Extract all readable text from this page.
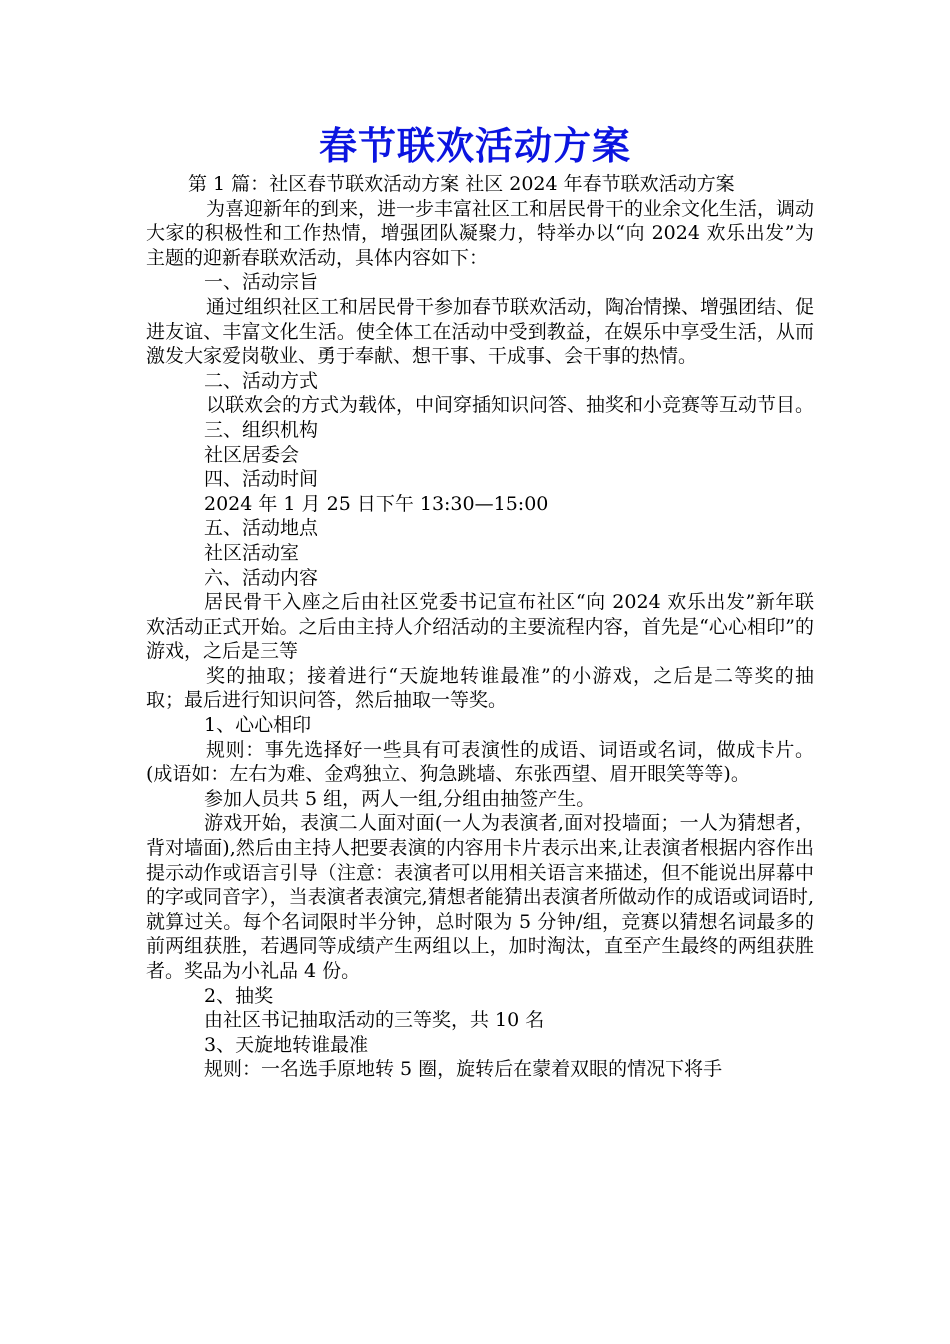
春节联欢活动方案

第 1 篇：社区春节联欢活动方案 社区 2024 年春节联欢活动方案

为喜迎新年的到来，进一步丰富社区工和居民骨干的业余文化生活，调动大家的积极性和工作热情，增强团队凝聚力，特举办以“向 2024 欢乐出发”为主题的迎新春联欢活动，具体内容如下：

一、活动宗旨

通过组织社区工和居民骨干参加春节联欢活动，陶冶情操、增强团结、促进友谊、丰富文化生活。使全体工在活动中受到教益，在娱乐中享受生活，从而激发大家爱岗敬业、勇于奉献、想干事、干成事、会干事的热情。

二、活动方式

以联欢会的方式为载体，中间穿插知识问答、抽奖和小竞赛等互动节目。

三、组织机构

社区居委会

四、活动时间

2024 年 1 月 25 日下午 13:30—15:00

五、活动地点

社区活动室

六、活动内容

居民骨干入座之后由社区党委书记宣布社区“向 2024 欢乐出发”新年联欢活动正式开始。之后由主持人介绍活动的主要流程内容，首先是“心心相印”的游戏，之后是三等

奖的抽取；接着进行“天旋地转谁最准”的小游戏，之后是二等奖的抽取；最后进行知识问答，然后抽取一等奖。

1、心心相印

规则：事先选择好一些具有可表演性的成语、词语或名词，做成卡片。(成语如：左右为难、金鸡独立、狗急跳墙、东张西望、眉开眼笑等等)。

参加人员共 5 组，两人一组,分组由抽签产生。

游戏开始，表演二人面对面(一人为表演者,面对投墙面；一人为猜想者，背对墙面),然后由主持人把要表演的内容用卡片表示出来,让表演者根据内容作出提示动作或语言引导（注意：表演者可以用相关语言来描述，但不能说出屏幕中的字或同音字），当表演者表演完,猜想者能猜出表演者所做动作的成语或词语时,就算过关。每个名词限时半分钟，总时限为 5 分钟/组，竞赛以猜想名词最多的前两组获胜，若遇同等成绩产生两组以上，加时淘汰，直至产生最终的两组获胜者。奖品为小礼品 4 份。

2、抽奖

由社区书记抽取活动的三等奖，共 10 名

3、天旋地转谁最准

规则：一名选手原地转 5 圈，旋转后在蒙着双眼的情况下将手
